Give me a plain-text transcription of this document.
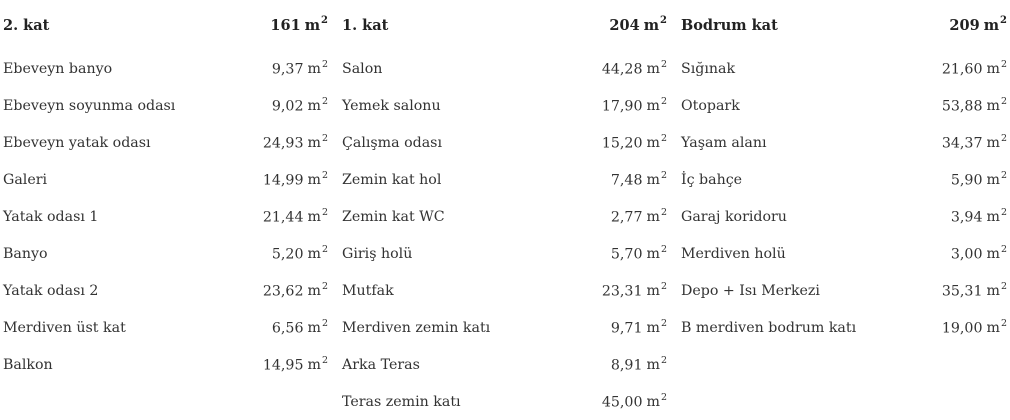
2. kat	161 $m^2$
Ebeveyn banyo	9,37 $m^2$
Ebeveyn soyunma odası	9,02 $m^2$
Ebeveyn yatak odası	24,93 $m^2$
Galeri	14,99 $m^2$
Yatak odası 1	21,44 $m^2$
Banyo	5,20 $m^2$
Yatak odası 2	23,62 $m^2$
Merdiven üst kat	6,56 $m^2$
Balkon	14,95 $m^2$
1. kat	204 $m^2$
Salon	44,28 $m^2$
Yemek salonu	17,90 $m^2$
Çalışma odası	15,20 $m^2$
Zemin kat hol	7,48 $m^2$
Zemin kat WC	2,77 $m^2$
Giriş holü	5,70 $m^2$
Mutfak	23,31 $m^2$
Merdiven zemin katı	9,71 $m^2$
Arka Teras	8,91 $m^2$
Teras zemin katı	45,00 $m^2$
Bodrum kat	209 $m^2$
Sığınak	21,60 $m^2$
Otopark	53,88 $m^2$
Yaşam alanı	34,37 $m^2$
İç bahçe	5,90 $m^2$
Garaj koridoru	3,94 $m^2$
Merdiven holü	3,00 $m^2$
Depo + Isı Merkezi	35,31 $m^2$
B merdiven bodrum katı	19,00 $m^2$
